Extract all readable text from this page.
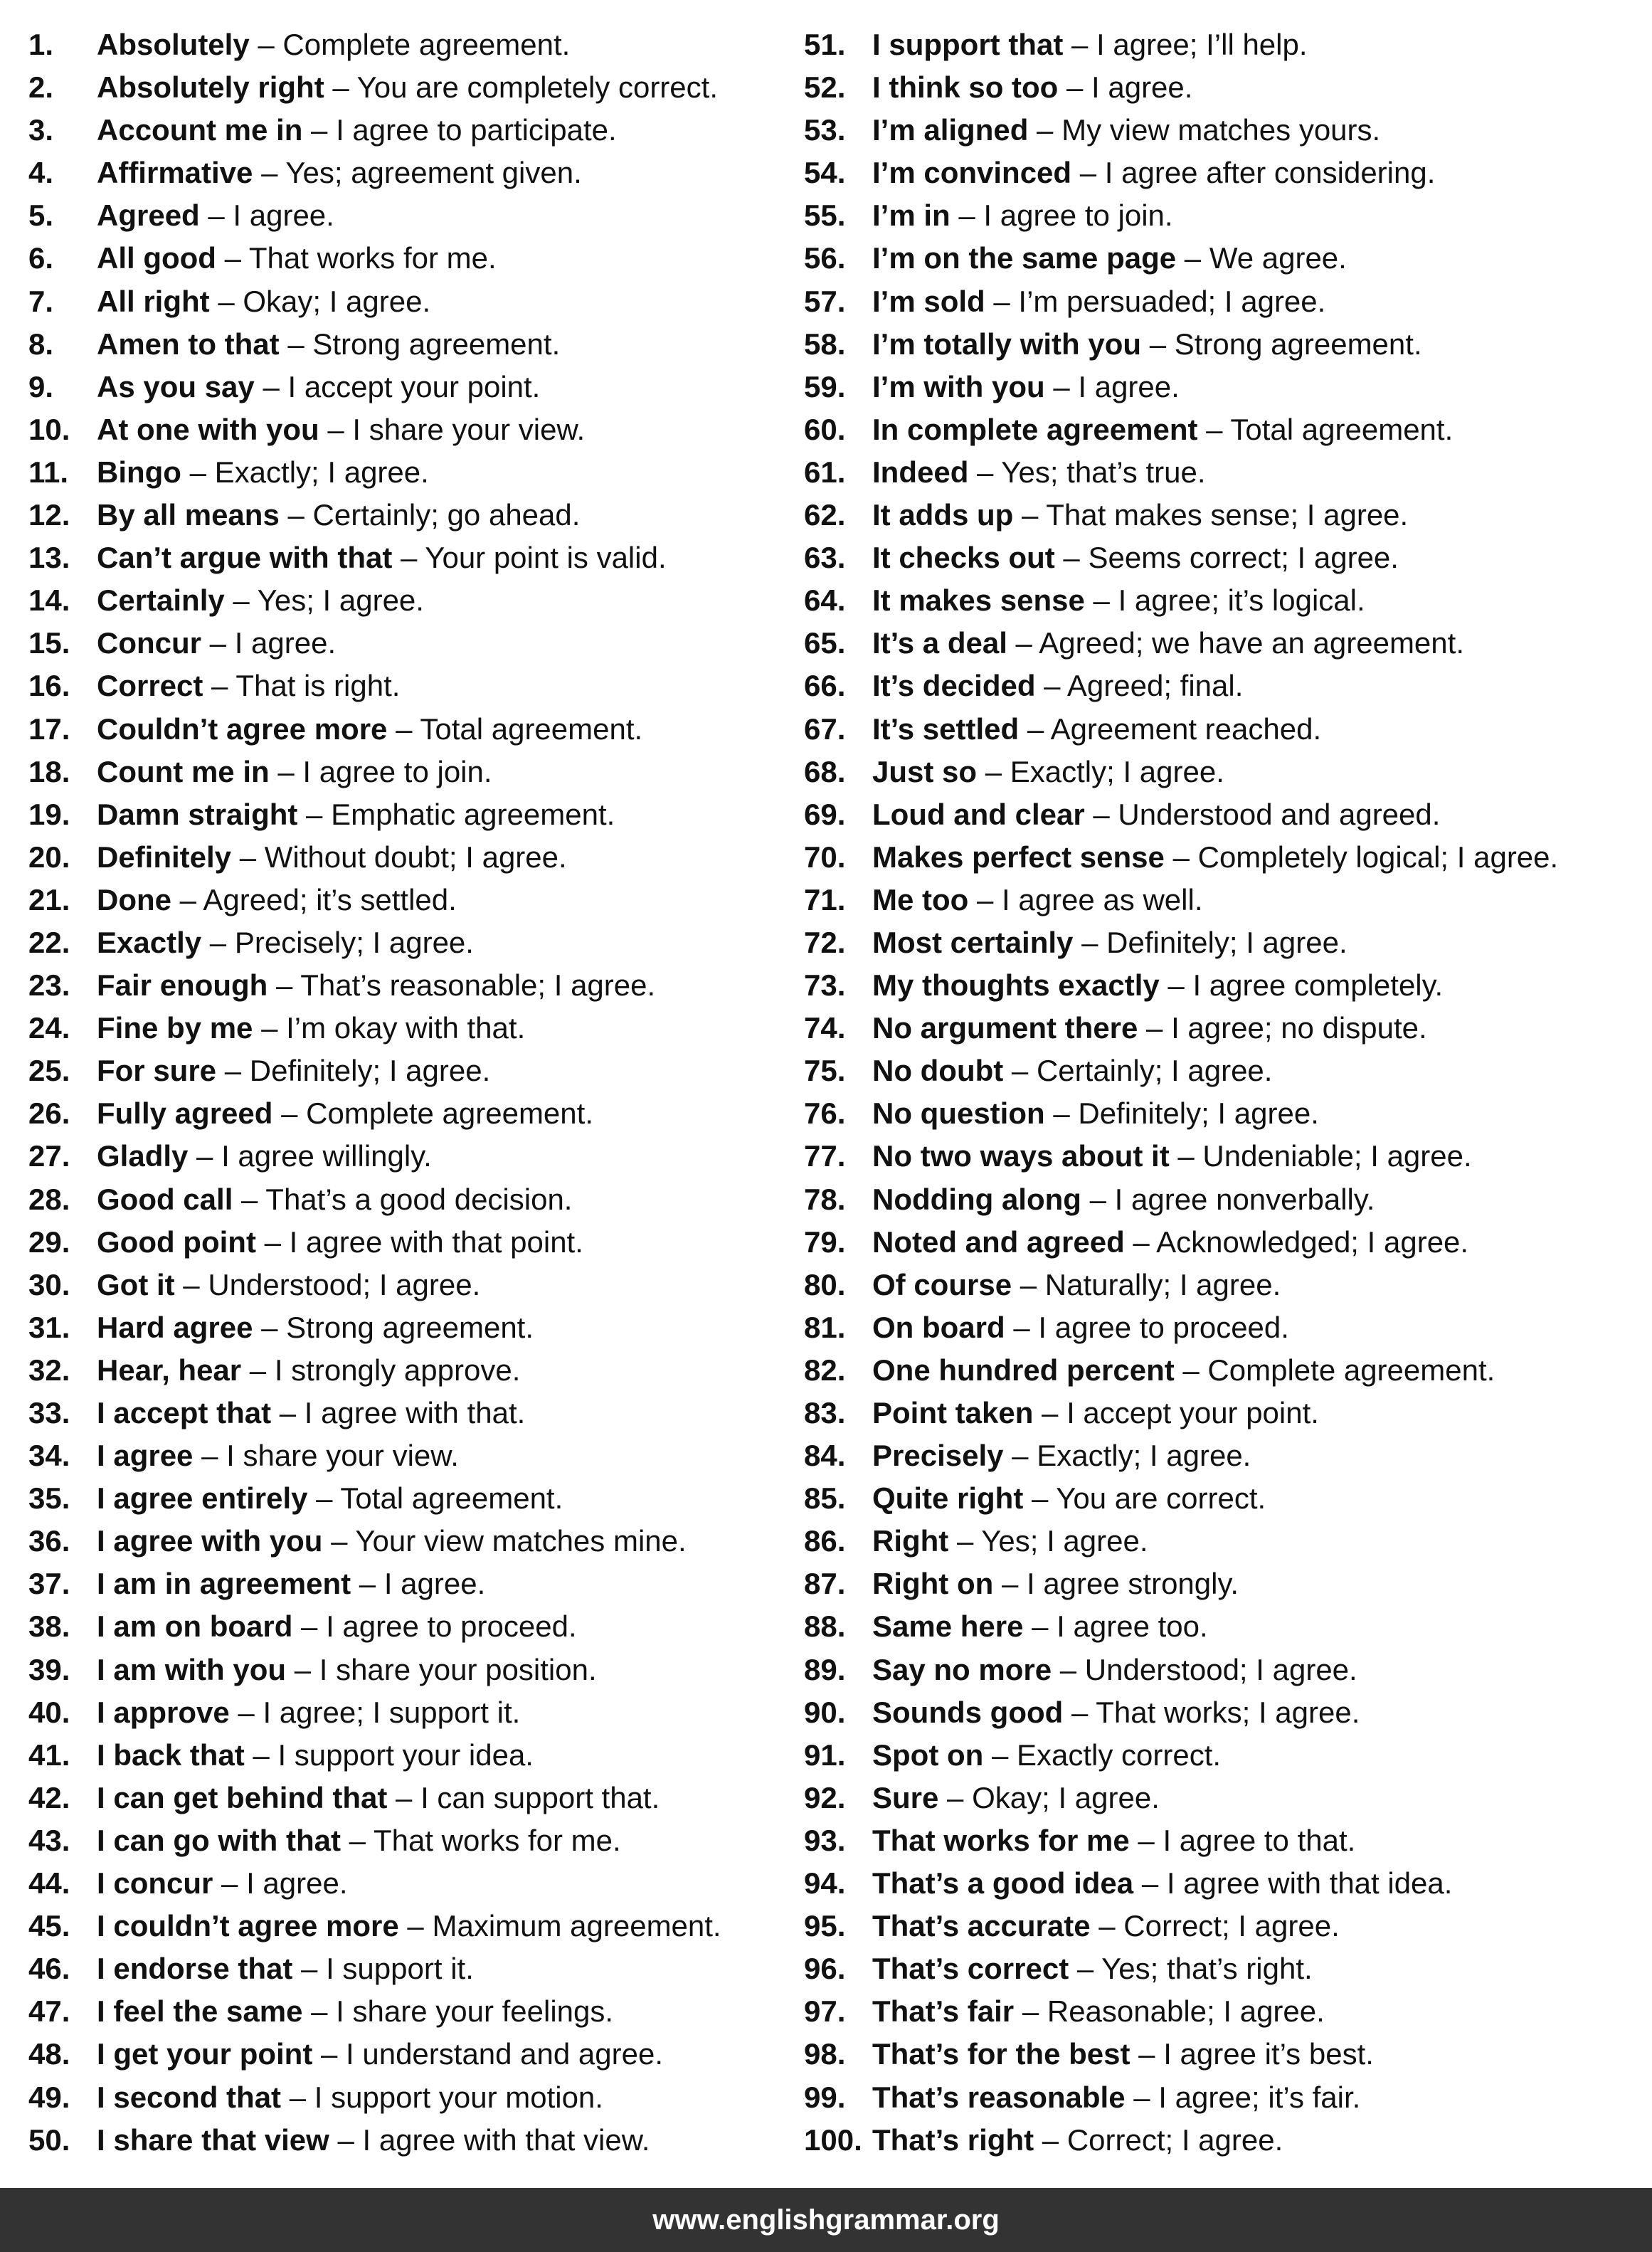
1.	Absolutely – Complete agreement.
2.	Absolutely right – You are completely correct.
3.	Account me in – I agree to participate.
4.	Affirmative – Yes; agreement given.
5.	Agreed – I agree.
6.	All good – That works for me.
7.	All right – Okay; I agree.
8.	Amen to that – Strong agreement.
9.	As you say – I accept your point.
10. At one with you – I share your view.
11. Bingo – Exactly; I agree.
12. By all means – Certainly; go ahead.
13. Can’t argue with that – Your point is valid.
14. Certainly – Yes; I agree.
15. Concur – I agree.
16. Correct – That is right.
17. Couldn’t agree more – Total agreement.
18. Count me in – I agree to join.
19. Damn straight – Emphatic agreement.
20. Definitely – Without doubt; I agree.
21. Done – Agreed; it’s settled.
22. Exactly – Precisely; I agree.
23. Fair enough – That’s reasonable; I agree.
24. Fine by me – I’m okay with that.
25. For sure – Definitely; I agree.
26. Fully agreed – Complete agreement.
27. Gladly – I agree willingly.
28. Good call – That’s a good decision.
29. Good point – I agree with that point.
30. Got it – Understood; I agree.
31. Hard agree – Strong agreement.
32. Hear, hear – I strongly approve.
33. I accept that – I agree with that.
34. I agree – I share your view.
35. I agree entirely – Total agreement.
36. I agree with you – Your view matches mine.
37. I am in agreement – I agree.
38. I am on board – I agree to proceed.
39. I am with you – I share your position.
40. I approve – I agree; I support it.
41. I back that – I support your idea.
42. I can get behind that – I can support that.
43. I can go with that – That works for me.
44. I concur – I agree.
45. I couldn’t agree more – Maximum agreement.
46. I endorse that – I support it.
47. I feel the same – I share your feelings.
48. I get your point – I understand and agree.
49. I second that – I support your motion.
50. I share that view – I agree with that view.
51. I support that – I agree; I’ll help.
52. I think so too – I agree.
53. I’m aligned – My view matches yours.
54. I’m convinced – I agree after considering.
55. I’m in – I agree to join.
56. I’m on the same page – We agree.
57. I’m sold – I’m persuaded; I agree.
58. I’m totally with you – Strong agreement.
59. I’m with you – I agree.
60. In complete agreement – Total agreement.
61. Indeed – Yes; that’s true.
62. It adds up – That makes sense; I agree.
63. It checks out – Seems correct; I agree.
64. It makes sense – I agree; it’s logical.
65. It’s a deal – Agreed; we have an agreement.
66. It’s decided – Agreed; final.
67. It’s settled – Agreement reached.
68. Just so – Exactly; I agree.
69. Loud and clear – Understood and agreed.
70. Makes perfect sense – Completely logical; I agree.
71. Me too – I agree as well.
72. Most certainly – Definitely; I agree.
73. My thoughts exactly – I agree completely.
74. No argument there – I agree; no dispute.
75. No doubt – Certainly; I agree.
76. No question – Definitely; I agree.
77. No two ways about it – Undeniable; I agree.
78. Nodding along – I agree nonverbally.
79. Noted and agreed – Acknowledged; I agree.
80. Of course – Naturally; I agree.
81. On board – I agree to proceed.
82. One hundred percent – Complete agreement.
83. Point taken – I accept your point.
84. Precisely – Exactly; I agree.
85. Quite right – You are correct.
86. Right – Yes; I agree.
87. Right on – I agree strongly.
88. Same here – I agree too.
89. Say no more – Understood; I agree.
90. Sounds good – That works; I agree.
91. Spot on – Exactly correct.
92. Sure – Okay; I agree.
93. That works for me – I agree to that.
94. That’s a good idea – I agree with that idea.
95. That’s accurate – Correct; I agree.
96. That’s correct – Yes; that’s right.
97. That’s fair – Reasonable; I agree.
98. That’s for the best – I agree it’s best.
99. That’s reasonable – I agree; it’s fair.
100. That’s right – Correct; I agree.
www.englishgrammar.org
